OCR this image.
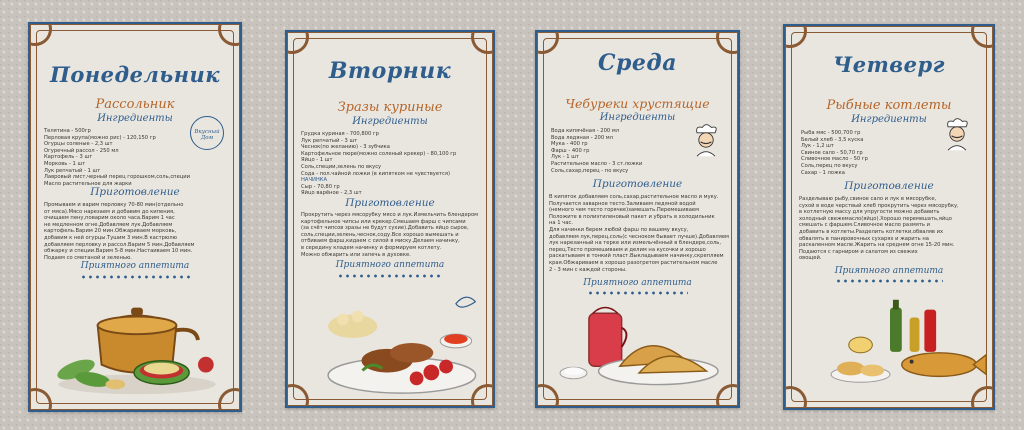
Понедельник
Рассольник
Ингредиенты
Вкусный Дом
Телятина - 500гр
Перловая крупа(можно рис) - 120,150 гр
Огурцы соленые - 2,3 шт
Огуречный рассол - 250 мл
Картофель - 3 шт
Морковь - 1 шт
Лук репчатый - 1 шт
Лавровый лист,черный перец горошком,соль,специи
Масло растительное для жарки
Приготовление
Промываем и варим перловку 70-80 мин(отдельно
от мяса).Мясо нарезаем и добавим до кипения,
очищаем пену,поварим около часа.Варим 1 час
не медленном огне.Добавляем лук.Добавляем
картофель.Варим 20 мин.Обжариваем морковь,
добавим к ней огурцы.Тушим 3 мин.В кастрюлю
добавляем перловку и рассол.Варим 5 мин.Добавляем
обжарку и специи.Варим 5-8 мин.Настаиваем 10 мин.
Подаем со сметаной и зеленью.
Приятного аппетита
Вторник
Зразы куриные
Ингредиенты
Грудка куриная - 700,800 гр
Лук репчатый - 3 шт
Чеснок(по желанию) - 3 зубчика
Картофельное пюре(можно соленый крекер) - 80,100 гр
Яйцо - 1 шт
Соль,специи,зелень по вкусу
Сода - пол.чайной ложки (в кипятком не чувствуется)
НАЧИНКА
Сыр - 70,80 гр
Яйцо варёное - 2,3 шт
Приготовление
Прокрутить через мясорубку мясо и лук.Измельчить блендером
картофельное чипсы или крекер.Смешаем фарш с чипсами
(за счёт чипсов зразы не будут сухие).Добавить яйцо сырое,
соль,специи,зелень,чеснок,соду.Все хорошо вымешать и
отбиваем фарш,кидаем с силой в миску.Делаем начинку,
в середину кладем начинку и формируем котлету.
Можно обжарить или запечь в духовке.
Приятного аппетита
Среда
Чебуреки хрустящие
Ингредиенты
Вода кипячёная - 200 мл
Вода ледяная - 200 мл
Мука - 400 гр
Фарш - 400 гр
Лук - 1 шт
Растительное масло - 3 ст.ложки
Соль,сахар,перец - по вкусу
Приготовление
В кипяток добавляем соль,сахар,растительное масло и муку.
Получается заварное тесто.Заливаем ледяной водой
(немного чем тесто горячее)замешать.Перемешиваем
Положите в полиэтиленовый пакет и убрать в холодильник
на 1 час.
Для начинки берем любой фарш по вашему вкусу,
добавляем лук,перец,соль(с чесноком бывает лучше).Добавляем
лук нарезанный на терке или измельчённый в блендере,соль,
перец.Тесто промешиваем и делим на кусочки и хорошо
раскатываем в тонкий пласт.Выкладываем начинку,скрепляем
края.Обжариваем в хорошо разогретом растительном масле
2 - 3 мин с каждой стороны.
Приятного аппетита
Четверг
Рыбные котлеты
Ингредиенты
Рыба мяс - 500,700 гр
Белый хлеб - 3,5 куска
Лук - 1,2 шт
Свиное сало - 50,70 гр
Сливочное масло - 50 гр
Соль,перец по вкусу
Сахар - 1 ложка
Приготовление
Разделываю рыбу,свиное сало и лук в мясорубке,
сухой в воде черствый хлеб прокрутить через мясорубку,
в котлетную массу для упругости можно добавить
холодный свежемасло(яйцо).Хорошо перемешать,яйцо
смешать с фаршем.Сливочное масло размять и
добавить в котлеты.Разделить котлетки,обваляв их
обвалять в панировочных сухарях и жарить на
раскаленном масле.Жарить на среднем огне 15-20 мин.
Подаются с гарниром и салатом из свежих
овощей.
Приятного аппетита
